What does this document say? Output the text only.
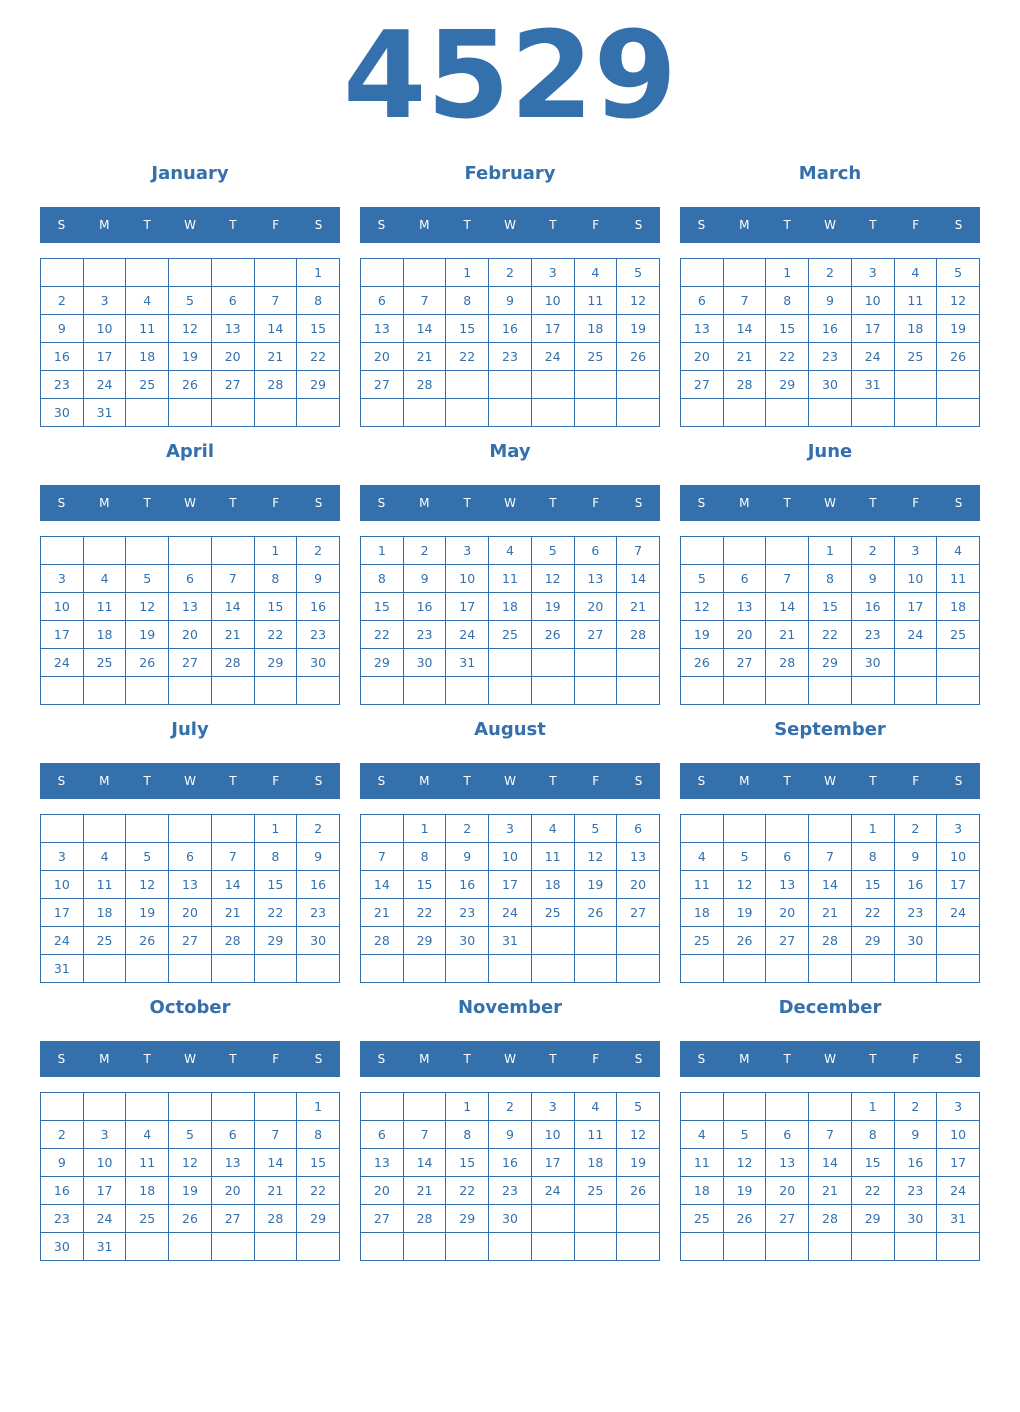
4529
January
S	M	T	W	T	F	S
						1
2	3	4	5	6	7	8
9	10	11	12	13	14	15
16	17	18	19	20	21	22
23	24	25	26	27	28	29
30	31					
February
S	M	T	W	T	F	S
		1	2	3	4	5
6	7	8	9	10	11	12
13	14	15	16	17	18	19
20	21	22	23	24	25	26
27	28					

March
S	M	T	W	T	F	S
		1	2	3	4	5
6	7	8	9	10	11	12
13	14	15	16	17	18	19
20	21	22	23	24	25	26
27	28	29	30	31		

April
S	M	T	W	T	F	S
					1	2
3	4	5	6	7	8	9
10	11	12	13	14	15	16
17	18	19	20	21	22	23
24	25	26	27	28	29	30

May
S	M	T	W	T	F	S
1	2	3	4	5	6	7
8	9	10	11	12	13	14
15	16	17	18	19	20	21
22	23	24	25	26	27	28
29	30	31				

June
S	M	T	W	T	F	S
			1	2	3	4
5	6	7	8	9	10	11
12	13	14	15	16	17	18
19	20	21	22	23	24	25
26	27	28	29	30		

July
S	M	T	W	T	F	S
					1	2
3	4	5	6	7	8	9
10	11	12	13	14	15	16
17	18	19	20	21	22	23
24	25	26	27	28	29	30
31						
August
S	M	T	W	T	F	S
	1	2	3	4	5	6
7	8	9	10	11	12	13
14	15	16	17	18	19	20
21	22	23	24	25	26	27
28	29	30	31			

September
S	M	T	W	T	F	S
				1	2	3
4	5	6	7	8	9	10
11	12	13	14	15	16	17
18	19	20	21	22	23	24
25	26	27	28	29	30	

October
S	M	T	W	T	F	S
						1
2	3	4	5	6	7	8
9	10	11	12	13	14	15
16	17	18	19	20	21	22
23	24	25	26	27	28	29
30	31					
November
S	M	T	W	T	F	S
		1	2	3	4	5
6	7	8	9	10	11	12
13	14	15	16	17	18	19
20	21	22	23	24	25	26
27	28	29	30			

December
S	M	T	W	T	F	S
				1	2	3
4	5	6	7	8	9	10
11	12	13	14	15	16	17
18	19	20	21	22	23	24
25	26	27	28	29	30	31
